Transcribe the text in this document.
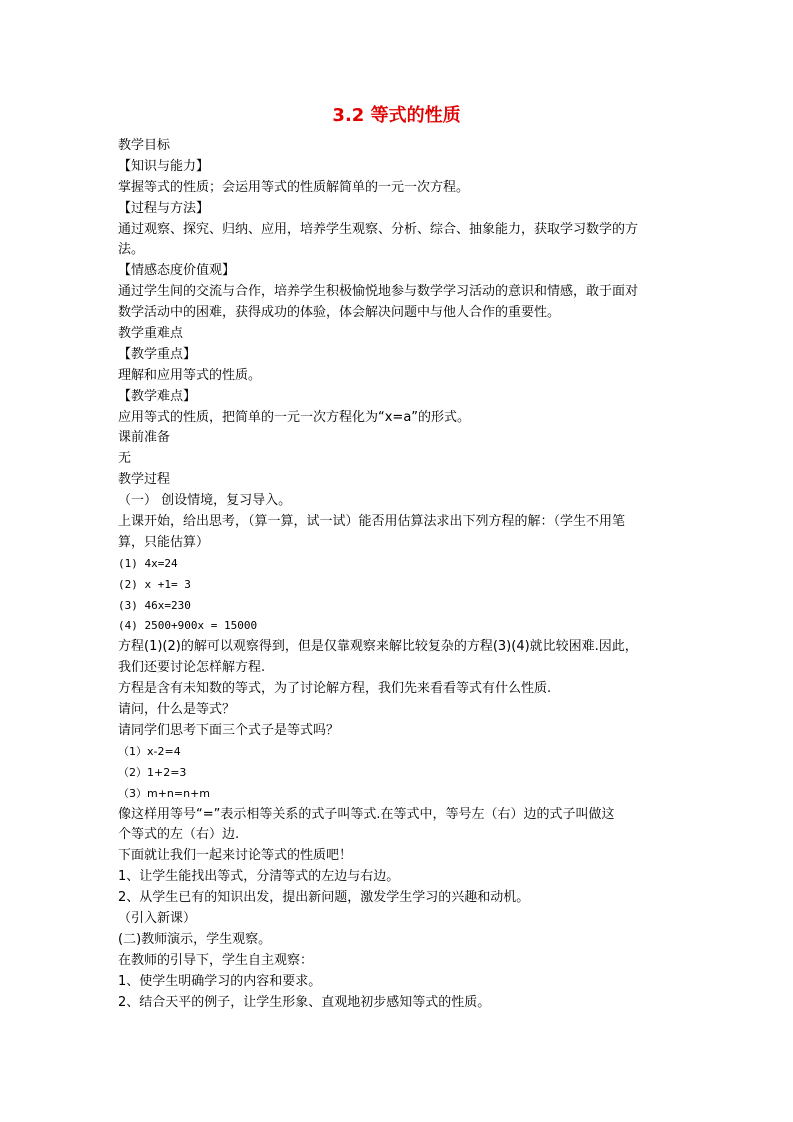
3.2 等式的性质
教学目标
【知识与能力】
掌握等式的性质；会运用等式的性质解简单的一元一次方程。
【过程与方法】
通过观察、探究、归纳、应用，培养学生观察、分析、综合、抽象能力，获取学习数学的方
法。
【情感态度价值观】
通过学生间的交流与合作，培养学生积极愉悦地参与数学学习活动的意识和情感，敢于面对
数学活动中的困难，获得成功的体验，体会解决问题中与他人合作的重要性。
教学重难点
【教学重点】
理解和应用等式的性质。
【教学难点】
应用等式的性质，把简单的一元一次方程化为“x=a”的形式。
课前准备
无
教学过程
（一） 创设情境，复习导入。
上课开始，给出思考，（算一算，试一试）能否用估算法求出下列方程的解：（学生不用笔
算，只能估算）
(1) 4x=24
(2) x +1= 3
(3) 46x=230
(4) 2500+900x = 15000
方程(1)(2)的解可以观察得到，但是仅靠观察来解比较复杂的方程(3)(4)就比较困难.因此，
我们还要讨论怎样解方程.
方程是含有未知数的等式，为了讨论解方程，我们先来看看等式有什么性质.
请问，什么是等式？
请同学们思考下面三个式子是等式吗？
（1）x-2=4
（2）1+2=3
（3）m+n=n+m
像这样用等号“=”表示相等关系的式子叫等式.在等式中，等号左（右）边的式子叫做这
个等式的左（右）边.
下面就让我们一起来讨论等式的性质吧！
1、让学生能找出等式，分清等式的左边与右边。
2、从学生已有的知识出发，提出新问题，激发学生学习的兴趣和动机。
（引入新课）
(二)教师演示，学生观察。
在教师的引导下，学生自主观察：
1、使学生明确学习的内容和要求。
2、结合天平的例子，让学生形象、直观地初步感知等式的性质。
